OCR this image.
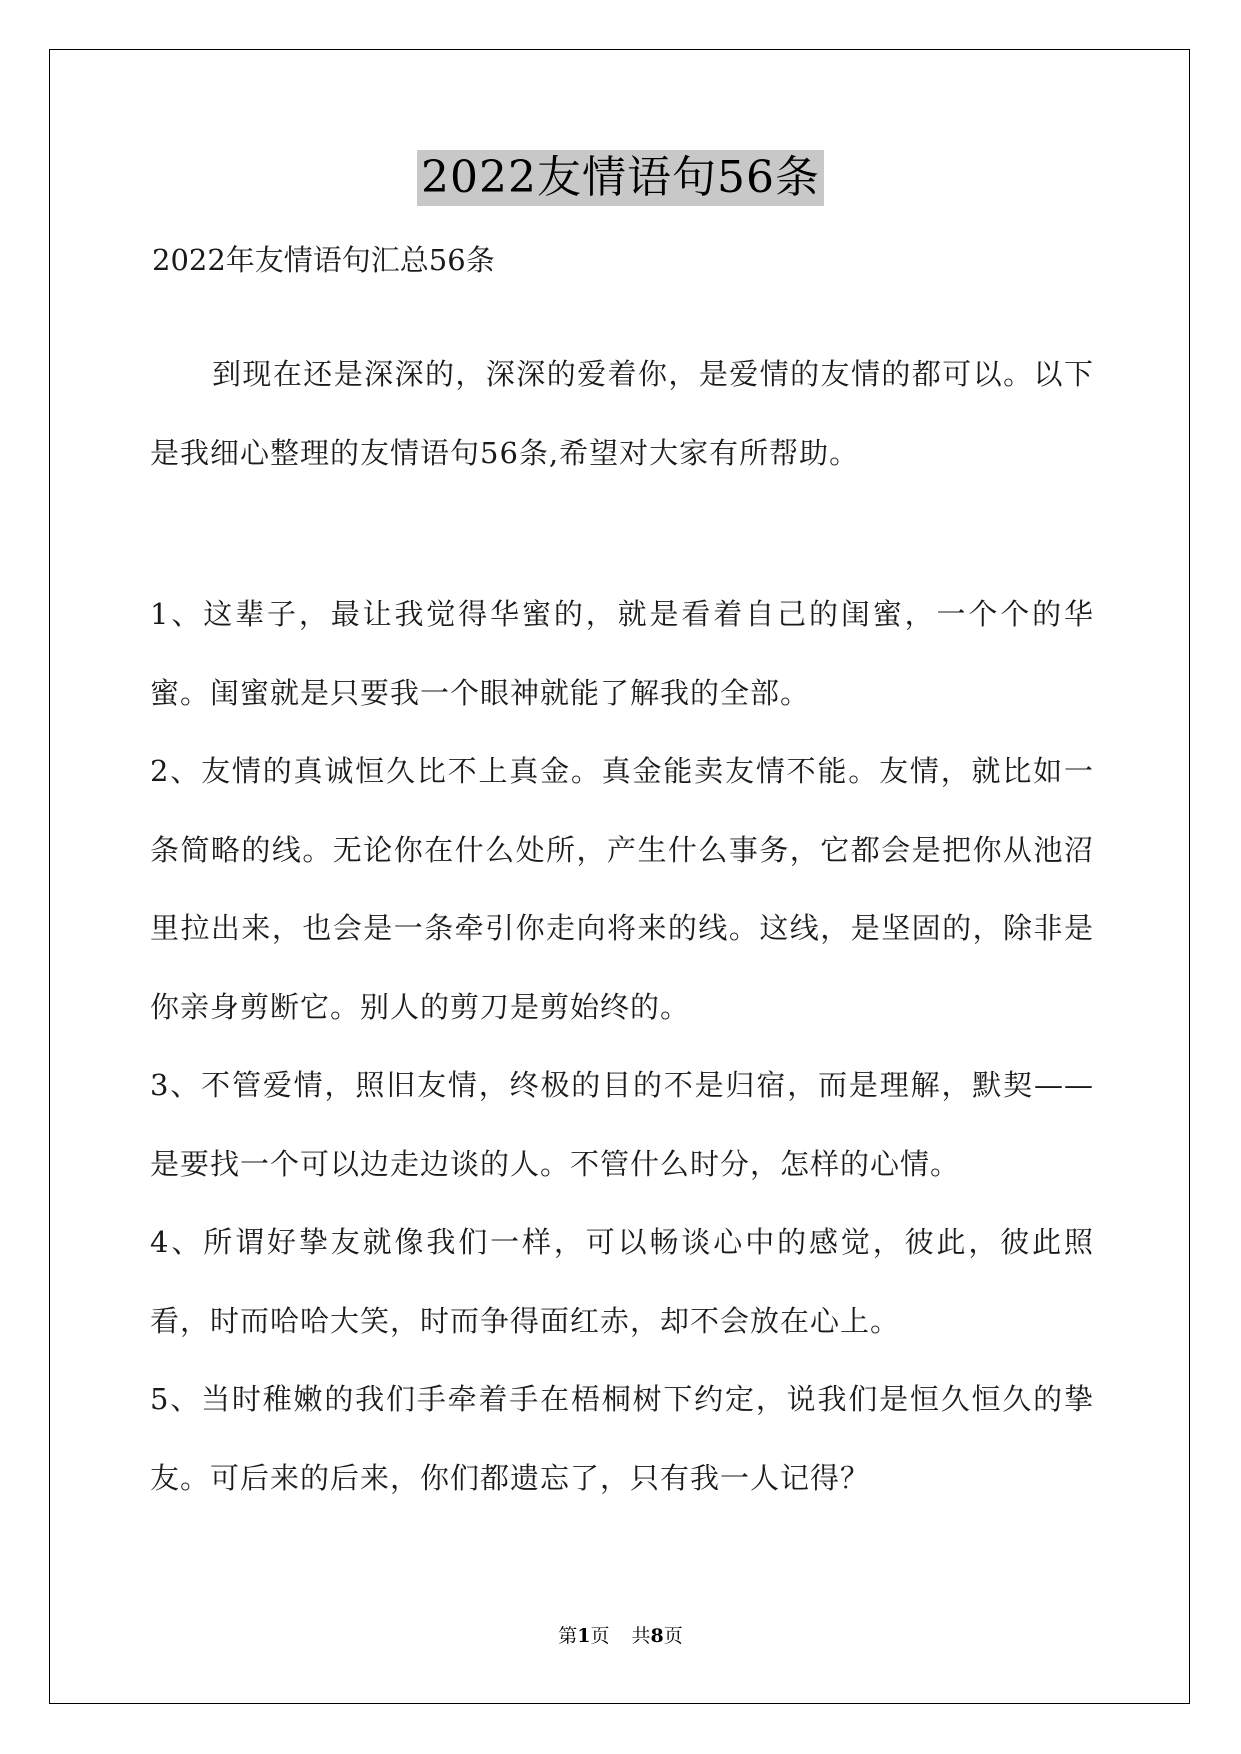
2022友情语句56条
2022年友情语句汇总56条

到现在还是深深的，深深的爱着你，是爱情的友情的都可以。以下是我细心整理的友情语句56条,希望对大家有所帮助。

1、这辈子，最让我觉得华蜜的，就是看着自己的闺蜜，一个个的华蜜。闺蜜就是只要我一个眼神就能了解我的全部。

2、友情的真诚恒久比不上真金。真金能卖友情不能。友情，就比如一条简略的线。无论你在什么处所，产生什么事务，它都会是把你从池沼里拉出来，也会是一条牵引你走向将来的线。这线，是坚固的，除非是你亲身剪断它。别人的剪刀是剪始终的。

3、不管爱情，照旧友情，终极的目的不是归宿，而是理解，默契——是要找一个可以边走边谈的人。不管什么时分，怎样的心情。

4、所谓好挚友就像我们一样，可以畅谈心中的感觉，彼此，彼此照看，时而哈哈大笑，时而争得面红赤，却不会放在心上。

5、当时稚嫩的我们手牵着手在梧桐树下约定，说我们是恒久恒久的挚友。可后来的后来，你们都遗忘了，只有我一人记得？

第1页 共8页
